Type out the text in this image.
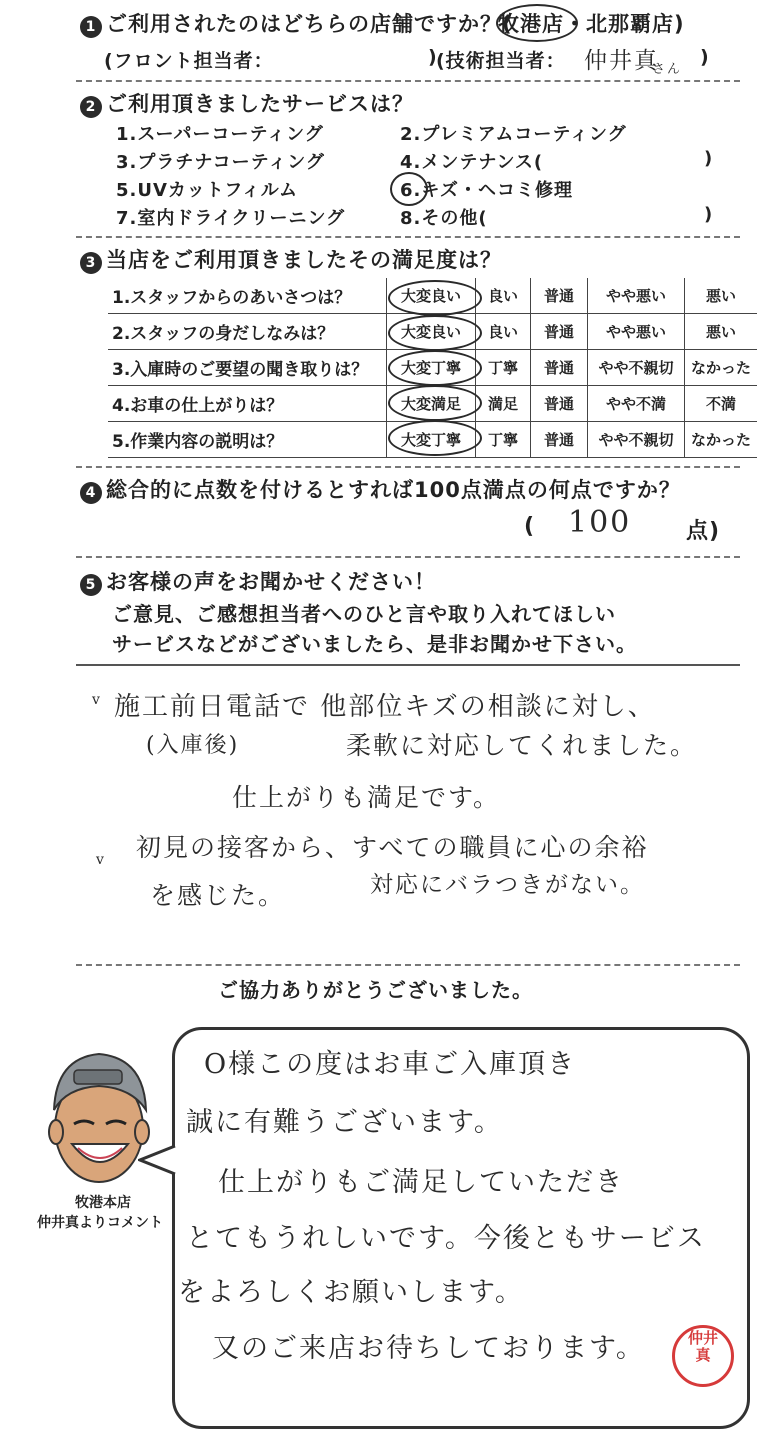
1 ご利用されたのはどちらの店舗ですか？(
牧港店・北那覇店)
(フロント担当者：	)
(技術担当者： 仲井真
さん
)
2 ご利用頂きましたサービスは？
1.スーパーコーティング	2.プレミアムコーティング
3.プラチナコーティング	4.メンテナンス(	)
5.UVカットフィルム	6.キズ・ヘコミ修理
7.室内ドライクリーニング	8.その他(	)
3 当店をご利用頂きましたその満足度は？
1.スタッフからのあいさつは？	大変良い	良い	普通	やや悪い	悪い
2.スタッフの身だしなみは？	大変良い	良い	普通	やや悪い	悪い
3.入庫時のご要望の聞き取りは？	大変丁寧	丁寧	普通	やや不親切	なかった
4.お車の仕上がりは？	大変満足	満足	普通	やや不満	不満
5.作業内容の説明は？	大変丁寧	丁寧	普通	やや不親切	なかった
4 総合的に点数を付けるとすれば100点満点の何点ですか？
( 100 点)
5 お客様の声をお聞かせください！
ご意見、ご感想担当者へのひと言や取り入れてほしい
サービスなどがございましたら、是非お聞かせ下さい。
v 施工前日電話で 他部位キズの相談に対し、
(入庫後)	柔軟に対応してくれました。
仕上がりも満足です。
v 初見の接客から、すべての職員に心の余裕
を感じた。	対応にバラつきがない。
ご協力ありがとうございました。
牧港本店
仲井真よりコメント
O様この度はお車ご入庫頂き
誠に有難うございます。
仕上がりもご満足していただき
とてもうれしいです。今後ともサービス
をよろしくお願いします。
又のご来店お待ちしております。	仲井真
